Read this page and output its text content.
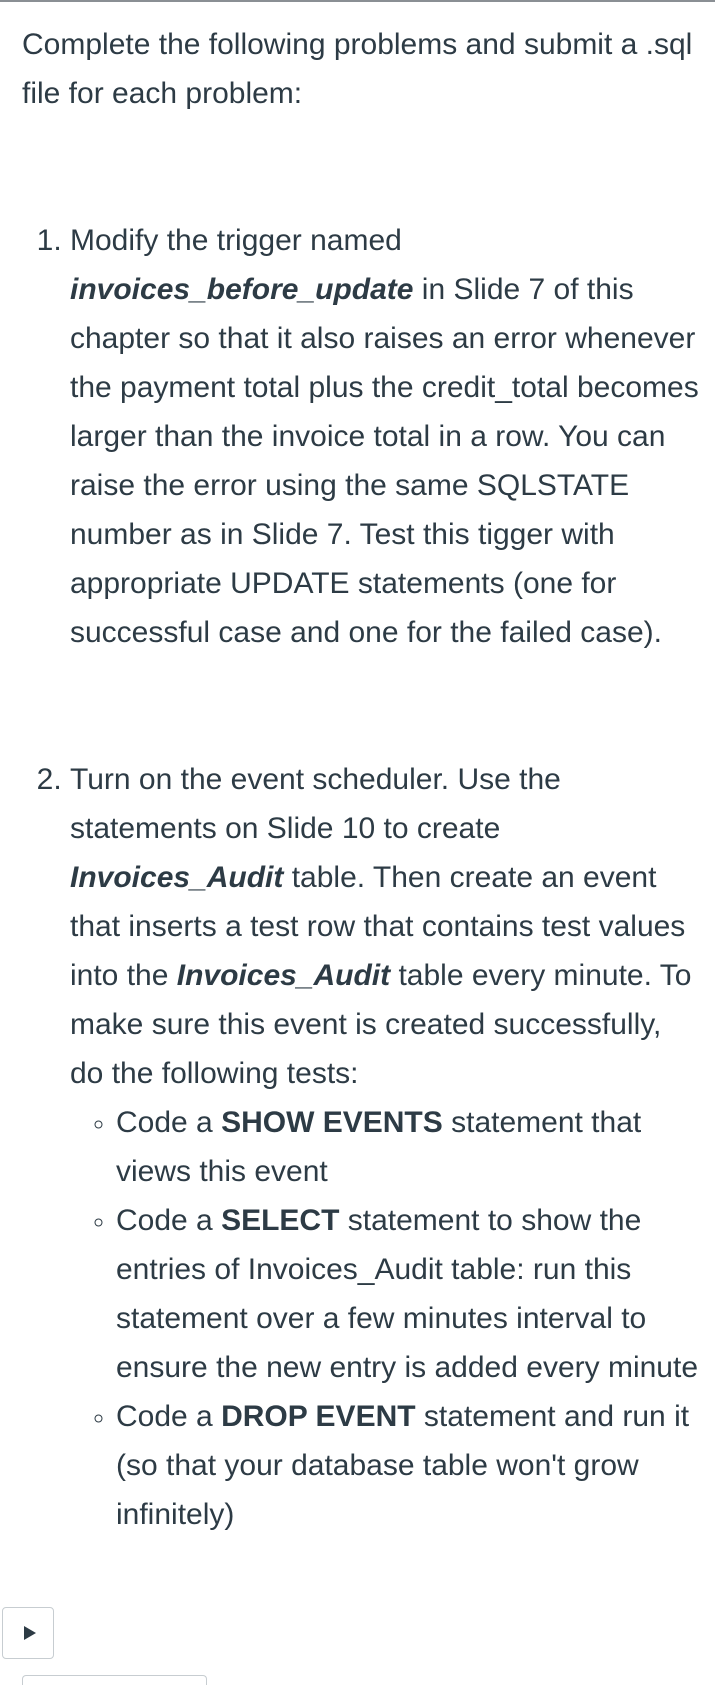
Complete the following problems and submit a .sql file for each problem:

1. Modify the trigger named invoices_before_update in Slide 7 of this chapter so that it also raises an error whenever the payment total plus the credit_total becomes larger than the invoice total in a row. You can raise the error using the same SQLSTATE number as in Slide 7. Test this tigger with appropriate UPDATE statements (one for successful case and one for the failed case).
2. Turn on the event scheduler. Use the statements on Slide 10 to create Invoices_Audit table. Then create an event that inserts a test row that contains test values into the Invoices_Audit table every minute. To make sure this event is created successfully, do the following tests:
◦ Code a SHOW EVENTS statement that views this event
◦ Code a SELECT statement to show the entries of Invoices_Audit table: run this statement over a few minutes interval to ensure the new entry is added every minute
◦ Code a DROP EVENT statement and run it (so that your database table won't grow infinitely)
